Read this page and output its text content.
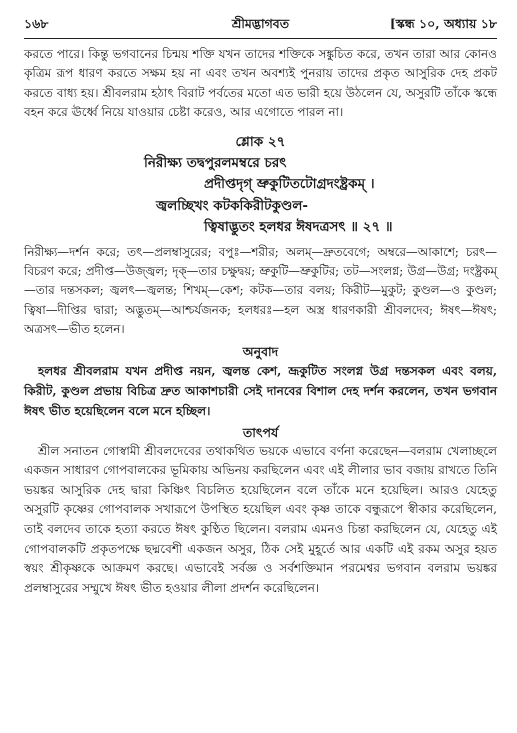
১৬৮	শ্রীমদ্ভাগবত	[স্কন্ধ ১০, অধ্যায় ১৮

করতে পারে। কিন্তু ভগবানের চিন্ময় শক্তি যখন তাদের শক্তিকে সঙ্কুচিত করে, তখন তারা আর কোনও কৃত্রিম রূপ ধারণ করতে সক্ষম হয় না এবং তখন অবশ্যই পুনরায় তাদের প্রকৃত আসুরিক দেহ প্রকট করতে বাধ্য হয়। শ্রীবলরাম হঠাৎ বিরাট পর্বতের মতো এত ভারী হয়ে উঠলেন যে, অসুরটি তাঁকে স্কন্ধে বহন করে ঊর্ধ্বে নিয়ে যাওয়ার চেষ্টা করেও, আর এগোতে পারল না।

শ্লোক ২৭
নিরীক্ষ্য তদ্বপুরলমম্বরে চরৎ
প্রদীপ্তদৃগ্ ভ্রুকুটিতটোগ্রদংষ্ট্রকম্ ।
জ্বলচ্ছিখং কটককিরীটকুণ্ডল-
ত্বিষাদ্ভুতং হলধর ঈষদত্রসৎ ॥ ২৭ ॥

নিরীক্ষ্য—দর্শন করে; তৎ—প্রলম্বাসুরের; বপুঃ—শরীর; অলম্—দ্রুতবেগে; অম্বরে—আকাশে; চরৎ—বিচরণ করে; প্রদীপ্ত—উজ্জ্বল; দৃক্—তার চক্ষুদ্বয়; ভ্রুকুটি—ভ্রুকুটির; তট—সংলগ্ন; উগ্র—উগ্র; দংষ্ট্রকম্—তার দন্তসকল; জ্বলৎ—জ্বলন্ত; শিখম্—কেশ; কটক—তার বলয়; কিরীট—মুকুট; কুণ্ডল—ও কুণ্ডল; ত্বিষা—দীপ্তির দ্বারা; অদ্ভুতম্—আশ্চর্যজনক; হলধরঃ—হল অস্ত্র ধারণকারী শ্রীবলদেব; ঈষৎ—ঈষৎ; অত্রসৎ—ভীত হলেন।

অনুবাদ

হলধর শ্রীবলরাম যখন প্রদীপ্ত নয়ন, জ্বলন্ত কেশ, ভ্রূকুটিত সংলগ্ন উগ্র দন্তসকল এবং বলয়, কিরীট, কুণ্ডল প্রভায় বিচিত্র দ্রুত আকাশচারী সেই দানবের বিশাল দেহ দর্শন করলেন, তখন ভগবান ঈষৎ ভীত হয়েছিলেন বলে মনে হচ্ছিল।

তাৎপর্য

শ্রীল সনাতন গোস্বামী শ্রীবলদেবের তথাকথিত ভয়কে এভাবে বর্ণনা করেছেন—বলরাম খেলাচ্ছলে একজন সাধারণ গোপবালকের ভূমিকায় অভিনয় করছিলেন এবং এই লীলার ভাব বজায় রাখতে তিনি ভয়ঙ্কর আসুরিক দেহ দ্বারা কিঞ্চিৎ বিচলিত হয়েছিলেন বলে তাঁকে মনে হয়েছিল। আরও যেহেতু অসুরটি কৃষ্ণের গোপবালক সখারূপে উপস্থিত হয়েছিল এবং কৃষ্ণ তাকে বন্ধুরূপে স্বীকার করেছিলেন, তাই বলদেব তাকে হত্যা করতে ঈষৎ কুণ্ঠিত ছিলেন। বলরাম এমনও চিন্তা করছিলেন যে, যেহেতু এই গোপবালকটি প্রকৃতপক্ষে ছদ্মবেশী একজন অসুর, ঠিক সেই মুহূর্তে আর একটি এই রকম অসুর হয়ত স্বয়ং শ্রীকৃষ্ণকে আক্রমণ করছে। এভাবেই সর্বজ্ঞ ও সর্বশক্তিমান পরমেশ্বর ভগবান বলরাম ভয়ঙ্কর প্রলম্বাসুরের সম্মুখে ঈষৎ ভীত হওয়ার লীলা প্রদর্শন করেছিলেন।
